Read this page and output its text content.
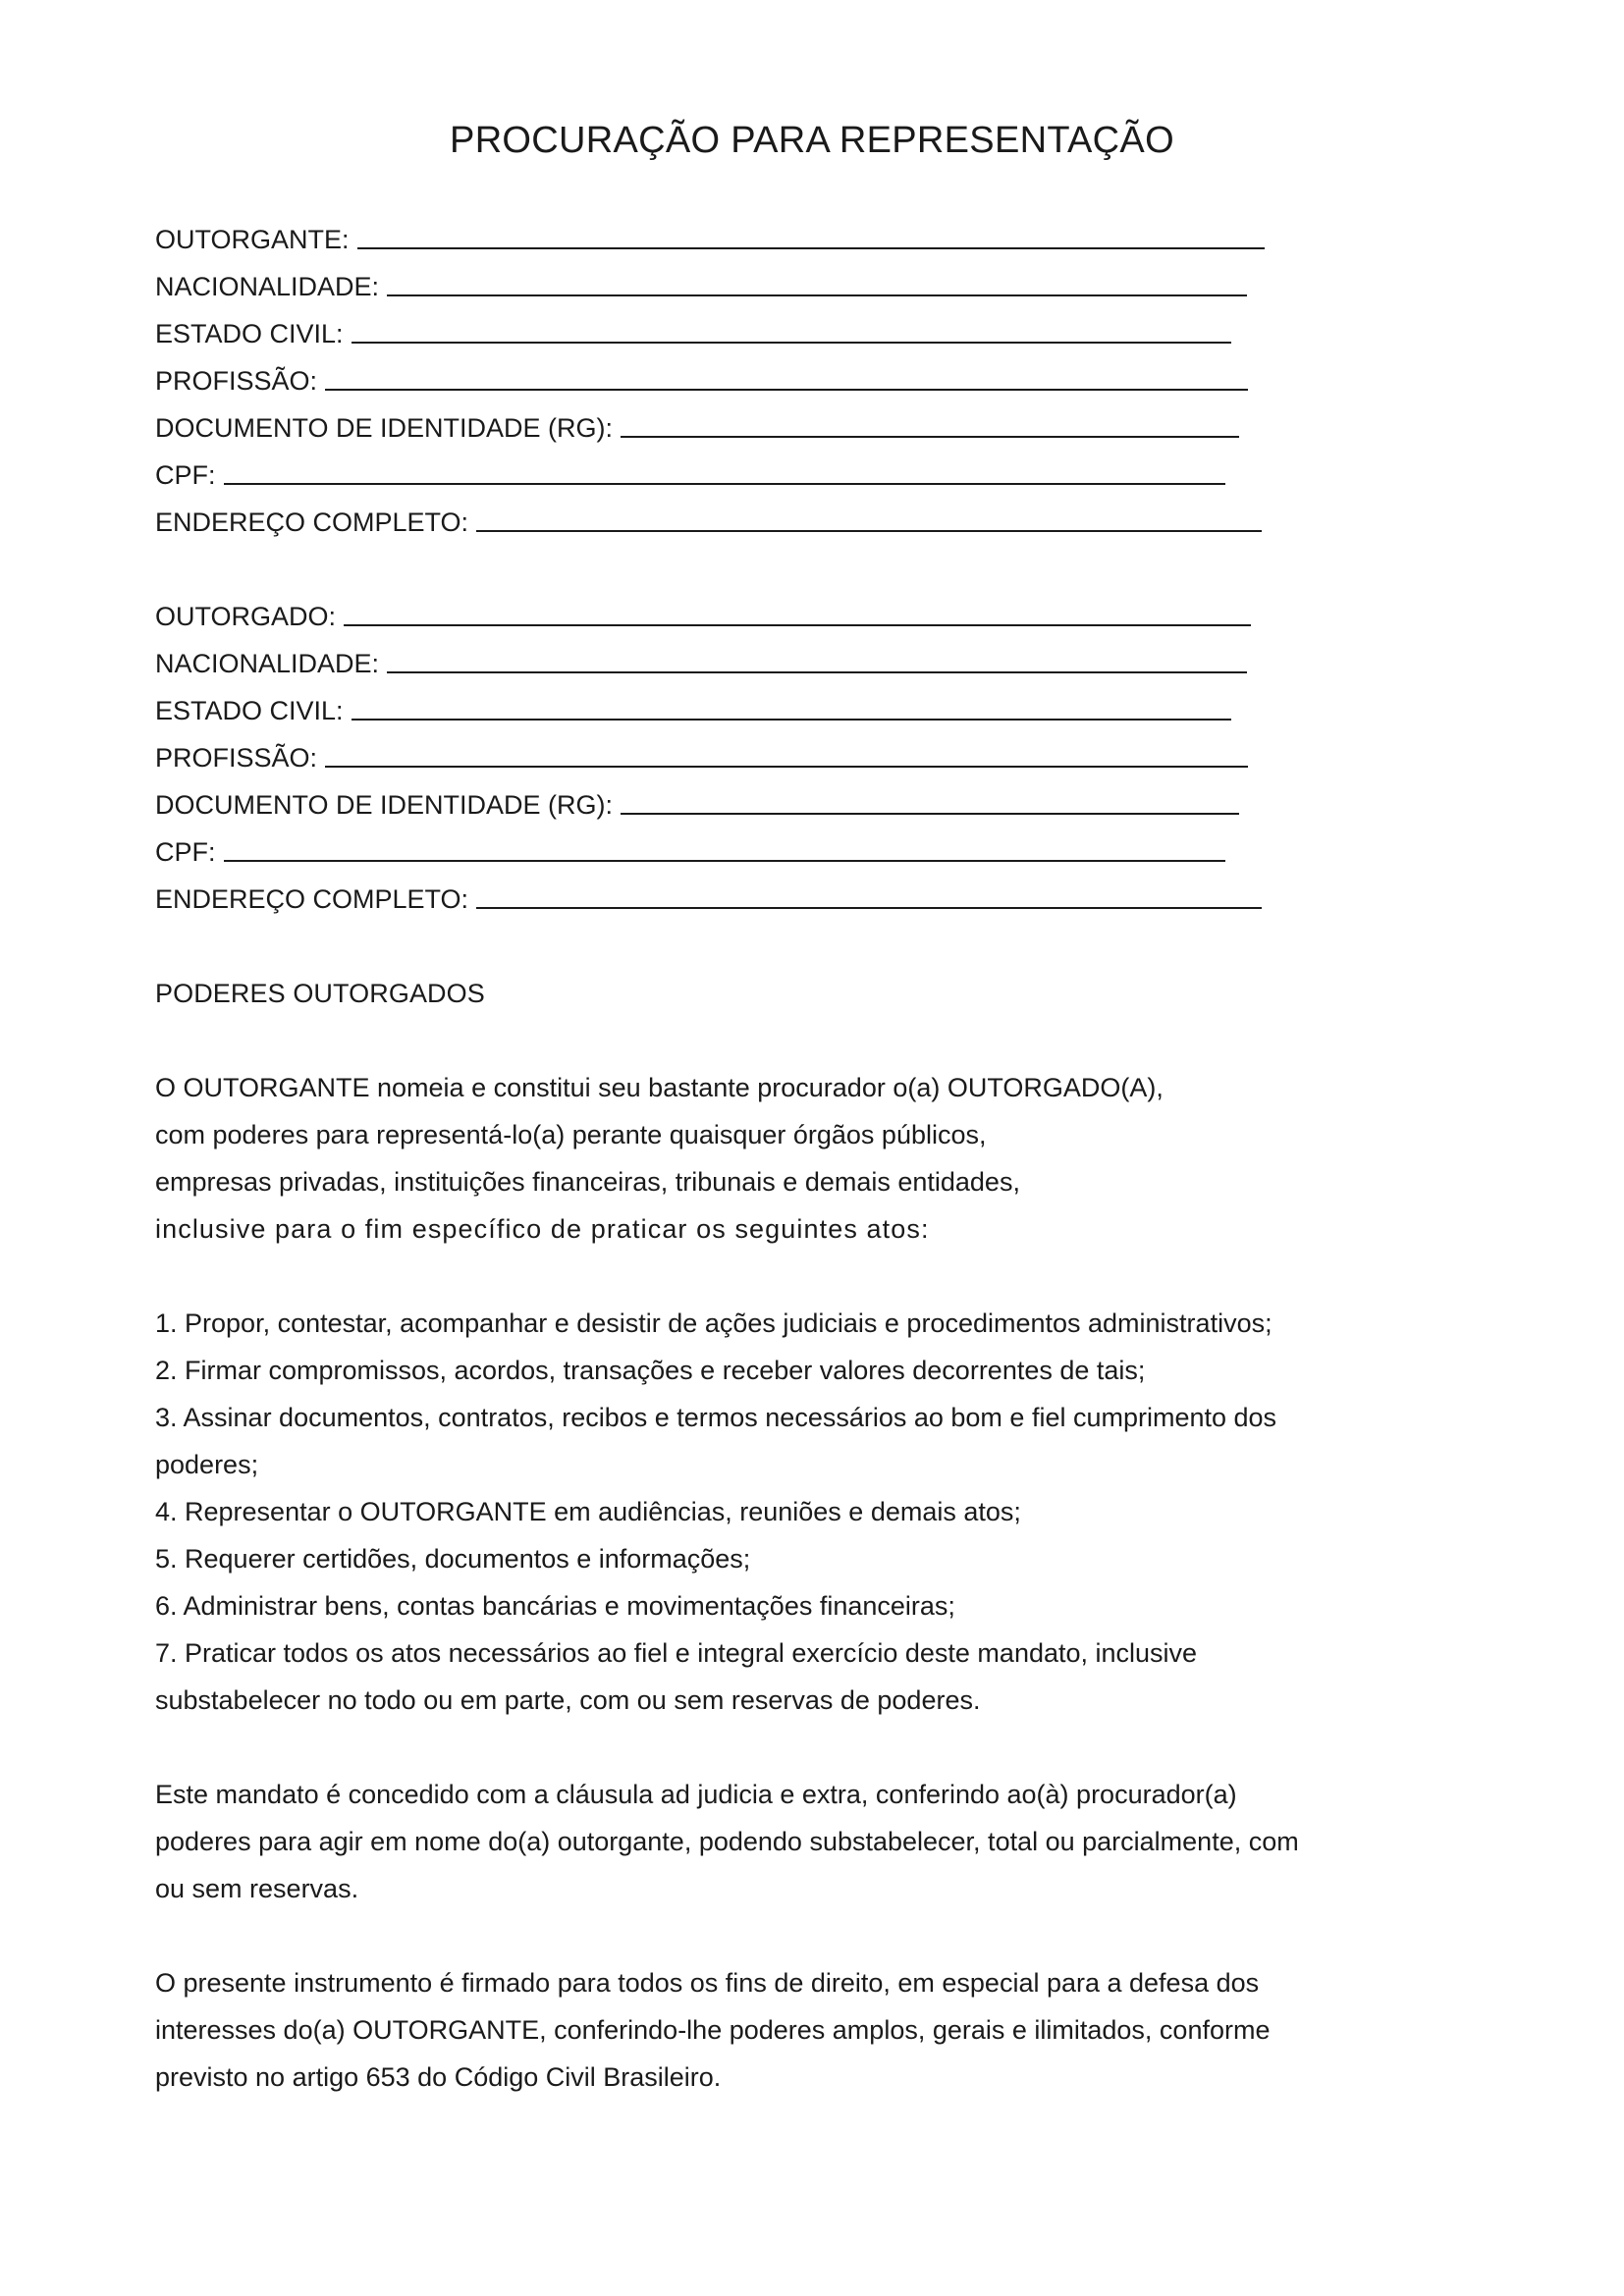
PROCURAÇÃO PARA REPRESENTAÇÃO
OUTORGANTE:
NACIONALIDADE:
ESTADO CIVIL:
PROFISSÃO:
DOCUMENTO DE IDENTIDADE (RG):
CPF:
ENDEREÇO COMPLETO:
OUTORGADO:
NACIONALIDADE:
ESTADO CIVIL:
PROFISSÃO:
DOCUMENTO DE IDENTIDADE (RG):
CPF:
ENDEREÇO COMPLETO:
PODERES OUTORGADOS
O OUTORGANTE nomeia e constitui seu bastante procurador o(a) OUTORGADO(A),
com poderes para representá-lo(a) perante quaisquer órgãos públicos,
empresas privadas, instituições financeiras, tribunais e demais entidades,
inclusive para o fim específico de praticar os seguintes atos:
1. Propor, contestar, acompanhar e desistir de ações judiciais e procedimentos administrativos;
2. Firmar compromissos, acordos, transações e receber valores decorrentes de tais;
3. Assinar documentos, contratos, recibos e termos necessários ao bom e fiel cumprimento dos
poderes;
4. Representar o OUTORGANTE em audiências, reuniões e demais atos;
5. Requerer certidões, documentos e informações;
6. Administrar bens, contas bancárias e movimentações financeiras;
7. Praticar todos os atos necessários ao fiel e integral exercício deste mandato, inclusive
substabelecer no todo ou em parte, com ou sem reservas de poderes.
Este mandato é concedido com a cláusula ad judicia e extra, conferindo ao(à) procurador(a)
poderes para agir em nome do(a) outorgante, podendo substabelecer, total ou parcialmente, com
ou sem reservas.
O presente instrumento é firmado para todos os fins de direito, em especial para a defesa dos
interesses do(a) OUTORGANTE, conferindo-lhe poderes amplos, gerais e ilimitados, conforme
previsto no artigo 653 do Código Civil Brasileiro.
